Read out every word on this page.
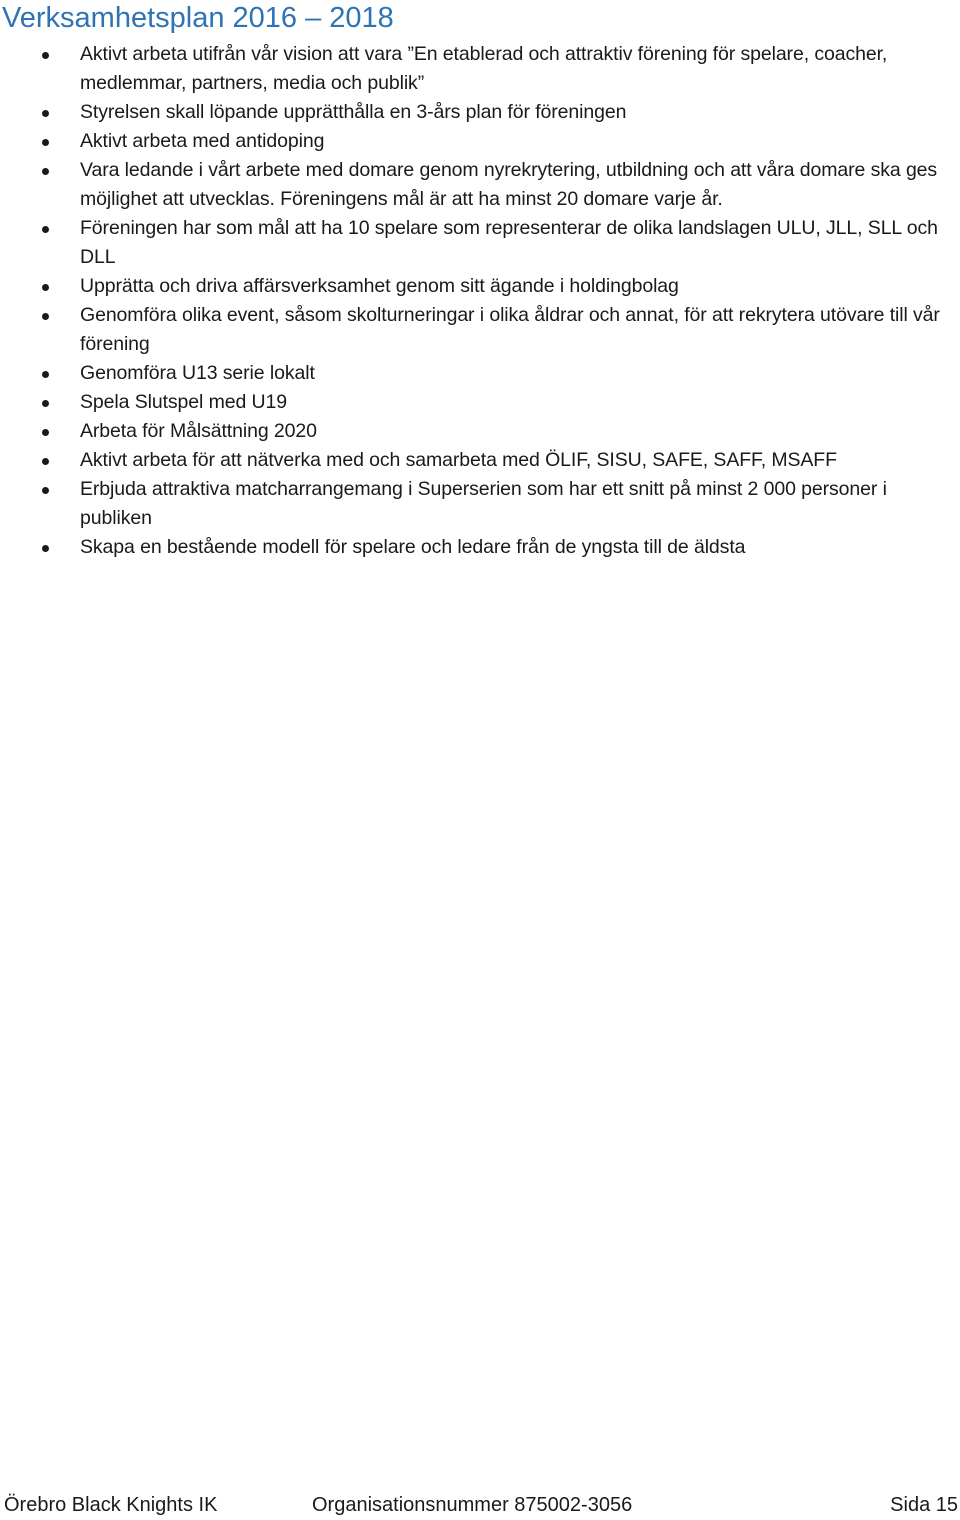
Verksamhetsplan 2016 – 2018
Aktivt arbeta utifrån vår vision att vara ”En etablerad och attraktiv förening för spelare, coacher, medlemmar, partners, media och publik”
Styrelsen skall löpande upprätthålla en 3-års plan för föreningen
Aktivt arbeta med antidoping
Vara ledande i vårt arbete med domare genom nyrekrytering, utbildning och att våra domare ska ges möjlighet att utvecklas. Föreningens mål är att ha minst 20 domare varje år.
Föreningen har som mål att ha 10 spelare som representerar de olika landslagen ULU, JLL, SLL och DLL
Upprätta och driva affärsverksamhet genom sitt ägande i holdingbolag
Genomföra olika event, såsom skolturneringar i olika åldrar och annat, för att rekrytera utövare till vår förening
Genomföra U13 serie lokalt
Spela Slutspel med U19
Arbeta för Målsättning 2020
Aktivt arbeta för att nätverka med och samarbeta med ÖLIF, SISU, SAFE, SAFF, MSAFF
Erbjuda attraktiva matcharrangemang i Superserien som har ett snitt på minst 2 000 personer i publiken
Skapa en bestående modell för spelare och ledare från de yngsta till de äldsta
Örebro Black Knights IK	Organisationsnummer 875002-3056	Sida 15
